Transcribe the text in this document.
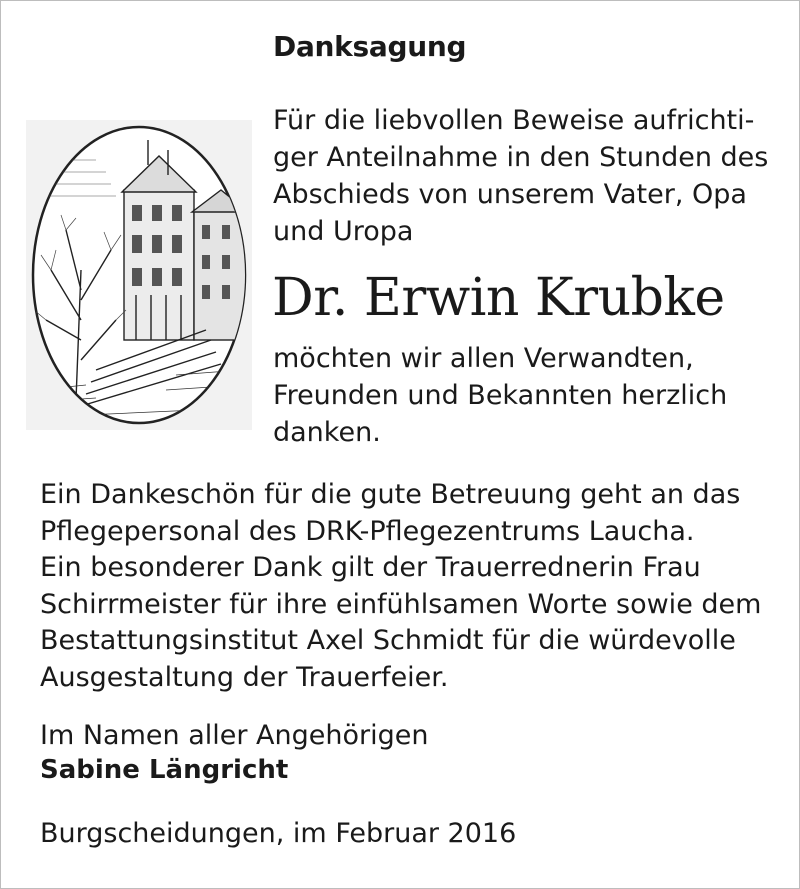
Danksagung
Für die liebvollen Beweise aufrichti-
ger Anteilnahme in den Stunden des
Abschieds von unserem Vater, Opa
und Uropa
Dr. Erwin Krubke
möchten wir allen Verwandten,
Freunden und Bekannten herzlich
danken.
Ein Dankeschön für die gute Betreuung geht an das
Pflegepersonal des DRK-Pflegezentrums Laucha.
Ein besonderer Dank gilt der Trauerrednerin Frau
Schirrmeister für ihre einfühlsamen Worte sowie dem
Bestattungsinstitut Axel Schmidt für die würdevolle
Ausgestaltung der Trauerfeier.
Im Namen aller Angehörigen
Sabine Längricht
Burgscheidungen, im Februar 2016
